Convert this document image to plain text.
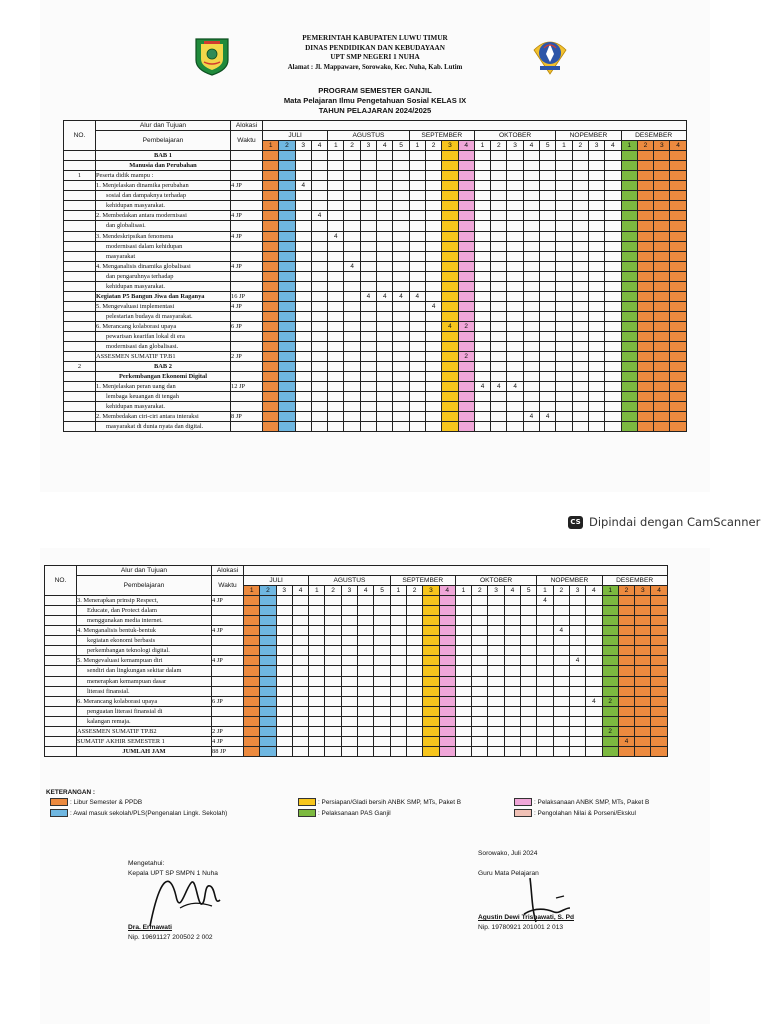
PEMERINTAH KABUPATEN LUWU TIMUR
DINAS PENDIDIKAN DAN KEBUDAYAAN
UPT SMP NEGERI 1 NUHA
Alamat : Jl. Mappaware, Sorowako, Kec. Nuha, Kab. Lutim
PROGRAM SEMESTER GANJIL
Mata Pelajaran Ilmu Pengetahuan Sosial KELAS IX
TAHUN PELAJARAN 2024/2025
NO.	Alur dan Tujuan	Alokasi																										
	Pembelajaran	Waktu	JULI				AGUSTUS					SEPTEMBER				OKTOBER					NOPEMBER				DESEMBER			
			1	2	3	4	1	2	3	4	5	1	2	3	4	1	2	3	4	5	1	2	3	4	1	2	3	4
	BAB 1																											
	Manusia dan Perubahan																											
1	Peserta didik mampu :																											
	1. Menjelaskan dinamika perubahan	4 JP			4																							
	sosial dan dampaknya terhadap																											
	kehidupan masyarakat.																											
	2. Membedakan antara modernisasi	4 JP				4																						
	dan globalisasi.																											
	3. Mendeskripsikan fenomena	4 JP					4																					
	modernisasi dalam kehidupan																											
	masyarakat																											
	4. Menganalisis dinamika globalisasi	4 JP						4																				
	dan pengaruhnya terhadap																											
	kehidupan masyarakat.																											
	Kegiatan P5 Bangun Jiwa dan Raganya	16 JP							4	4	4	4																
	5. Mengevaluasi implementasi	4 JP											4															
	pelestarian budaya di masyarakat.																											
	6. Merancang kolaborasi upaya	6 JP												4	2													
	pewarisan kearifan lokal di era																											
	modernisasi dan globalisasi.																											
	ASSESMEN SUMATIF TP.B1	2 JP													2													
2	BAB 2																											
	Perkembangan Ekonomi Digital																											
	1. Menjelaskan peran uang dan	12 JP														4	4	4										
	lembaga keuangan di tengah																											
	kehidupan masyarakat.																											
	2. Membedakan ciri-ciri antara interaksi	8 JP																	4	4								
	masyarakat di dunia nyata dan digital.																											
CS Dipindai dengan CamScanner
NO.	Alur dan Tujuan	Alokasi																										
	Pembelajaran	Waktu	JULI				AGUSTUS					SEPTEMBER				OKTOBER					NOPEMBER				DESEMBER			
			1	2	3	4	1	2	3	4	5	1	2	3	4	1	2	3	4	5	1	2	3	4	1	2	3	4
	3. Menerapkan prinsip Respect,	4 JP																			4							
	Educate, dan Protect dalam																											
	menggunakan media internet.																											
	4. Menganalisis bentuk-bentuk	4 JP																				4						
	kegiatan ekonomi berbasis																											
	perkembangan teknologi digital.																											
	5. Mengevaluasi kemampuan diri	4 JP																					4					
	sendiri dan lingkungan sekitar dalam																											
	menerapkan kemampuan dasar																											
	literasi finansial.																											
	6. Merancang kolaborasi upaya	6 JP																						4	2			
	penguatan literasi finansial di																											
	kalangan remaja.																											
	ASSESMEN SUMATIF TP.B2	2 JP																							2			
	SUMATIF AKHIR SEMESTER 1	4 JP																								4		
	JUMLAH JAM	88 JP																										
KETERANGAN :
: Libur Semester & PPDB
: Awal masuk sekolah/PLS(Pengenalan Lingk. Sekolah)
: Persiapan/Gladi bersih ANBK SMP, MTs, Paket B
: Pelaksanaan PAS Ganjil
: Pelaksanaan ANBK SMP, MTs, Paket B
: Pengolahan Nilai & Porseni/Ekskul
Mengetahui:
Kepala UPT SP SMPN 1 Nuha
Dra. Ermawati
Nip. 19691127 200502 2 002
Sorowako, Juli 2024
Guru Mata Pelajaran
Agustin Dewi Trisnawati, S. Pd
Nip. 19780921 201001 2 013
